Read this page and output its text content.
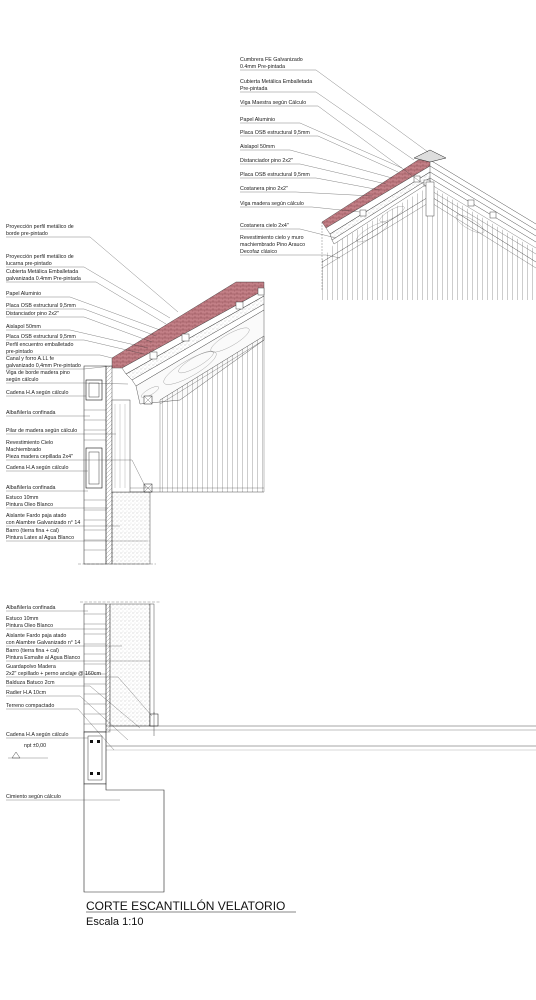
Cumbrera FE Galvanizado
0.4mm Pre-pintada
Cubierta Metálica Emballetada
Pre-pintada
Viga Maestra según Cálculo
Papel Aluminio
Placa OSB estructural 9,5mm
Aislapol 50mm
Distanciador pino 2x2"
Placa OSB estructural 9,5mm
Costanera pino 2x2"
Viga madera según cálculo
Costanera cielo 2x4"
Revestimiento cielo y muro
machiembrado Pino Arauco
Decofaz clásico
Proyección perfil metálico de
borde pre-pintado
Proyección perfil metálico de
lucarna pre-pintado
Cubierta Metálica Emballetada
galvanizada 0.4mm Pre-pintada
Papel Aluminio
Placa OSB estructural 9,5mm
Distanciador pino 2x2"
Aislapol 50mm
Placa OSB estructural 9,5mm
Perfil encuentro emballetado
pre-pintado
Canal y forro A.LL fe
galvanizado 0,4mm Pre-pintado
Viga de borde madera pino
según cálculo
Cadena H.A según cálculo
Albañilería confinada
Pilar de madera según cálculo
Revestimiento Cielo
Machiembrado
Pieza madera cepillada 2x4"
Cadena H.A según cálculo
Albañilería confinada
Estuco 10mm
Pintura Oleo Blanco
Aislante Fardo paja atado
con Alambre Galvanizado n° 14
Barro (tierra fina + cal)
Pintura Latex al Agua Blanco
Albañilería confinada
Estuco 10mm
Pintura Oleo Blanco
Aislante Fardo paja atado
con Alambre Galvanizado n° 14
Barro (tierra fina + cal)
Pintura Esmalte al Agua Blanco
Guardapolvo Madera
2x2" cepillado + perno anclaje @ 160cm
Balduza Batuco 2cm
Radier H.A 10cm
Terreno compactado
Cadena H.A según cálculo
npt ±0,00
Cimiento según cálculo
CORTE ESCANTILLÓN VELATORIO
Escala 1:10
